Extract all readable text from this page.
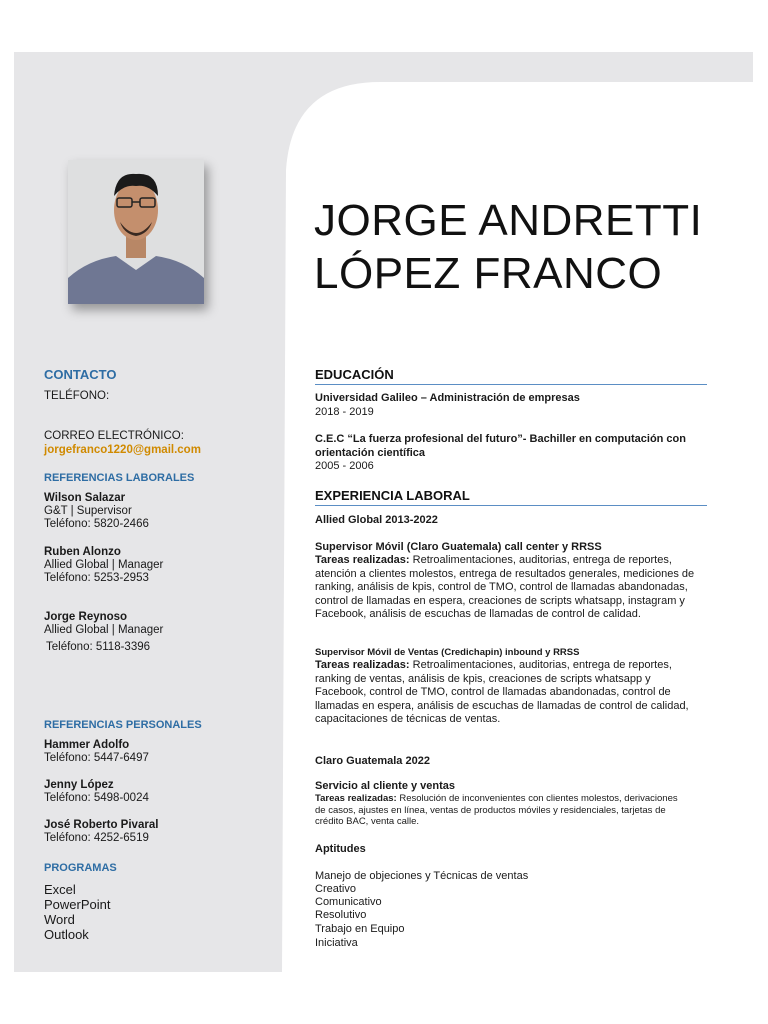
JORGE ANDRETTI
LÓPEZ FRANCO
CONTACTO
TELÉFONO:
CORREO ELECTRÓNICO:
jorgefranco1220@gmail.com
REFERENCIAS LABORALES
Wilson Salazar
G&T | Supervisor
Teléfono: 5820-2466
Ruben Alonzo
Allied Global | Manager
Teléfono: 5253-2953
Jorge Reynoso
Allied Global | Manager
Teléfono: 5118-3396
REFERENCIAS PERSONALES
Hammer Adolfo
Teléfono: 5447-6497
Jenny López
Teléfono: 5498-0024
José Roberto Pivaral
Teléfono: 4252-6519
PROGRAMAS
Excel
PowerPoint
Word
Outlook
EDUCACIÓN
Universidad Galileo – Administración de empresas
2018 - 2019
C.E.C “La fuerza profesional del futuro”- Bachiller en computación con orientación científica
2005 - 2006
EXPERIENCIA LABORAL
Allied Global 2013-2022
Supervisor Móvil (Claro Guatemala) call center y RRSS
Tareas realizadas: Retroalimentaciones, auditorias, entrega de reportes, atención a clientes molestos, entrega de resultados generales, mediciones de ranking, análisis de kpis, control de TMO, control de llamadas abandonadas, control de llamadas en espera, creaciones de scripts whatsapp, instagram y Facebook, análisis de escuchas de llamadas de control de calidad.
Supervisor Móvil de Ventas (Credichapin) inbound y RRSS
Tareas realizadas: Retroalimentaciones, auditorias, entrega de reportes, ranking de ventas, análisis de kpis, creaciones de scripts whatsapp y Facebook, control de TMO, control de llamadas abandonadas, control de llamadas en espera, análisis de escuchas de llamadas de control de calidad, capacitaciones de técnicas de ventas.
Claro Guatemala 2022
Servicio al cliente y ventas
Tareas realizadas: Resolución de inconvenientes con clientes molestos, derivaciones de casos, ajustes en línea, ventas de productos móviles y residenciales, tarjetas de crédito BAC, venta calle.
Aptitudes
Manejo de objeciones y Técnicas de ventas
Creativo
Comunicativo
Resolutivo
Trabajo en Equipo
Iniciativa
